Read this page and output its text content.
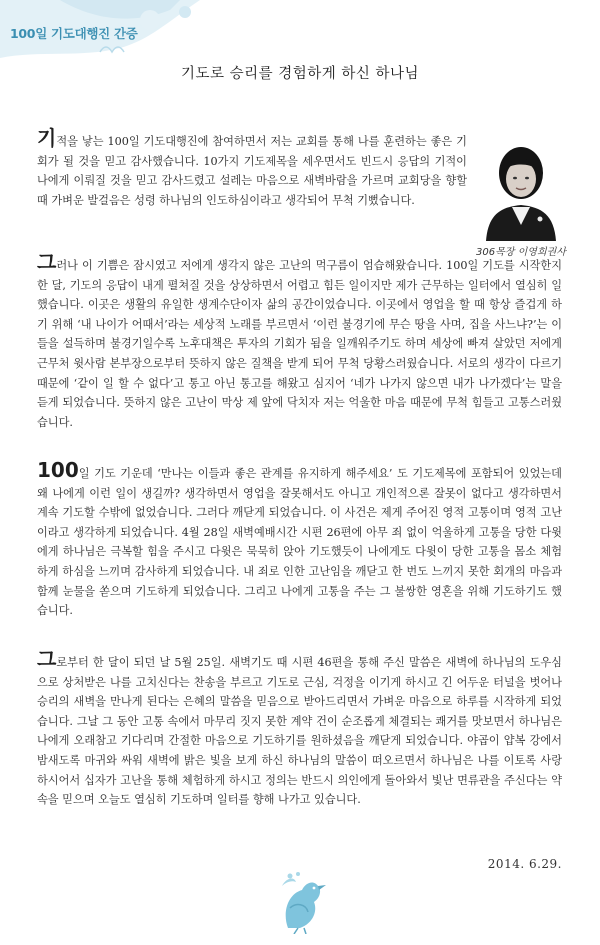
100일 기도대행진 간증
기도로 승리를 경험하게 하신 하나님

기적을 낳는 100일 기도대행진에 참여하면서 저는 교회를 통해 나를 훈련하는 좋은 기회가 될 것을 믿고 감사했습니다. 10가지 기도제목을 세우면서도 빈드시 응답의 기적이 나에게 이뤄질 것을 믿고 감사드렸고 설레는 마음으로 새벽바람을 가르며 교회당을 향할 때 가벼운 발걸음은 성령 하나님의 인도하심이라고 생각되어 무척 기뻤습니다.

306목장 이영희권사

그러나 이 기쁨은 잠시였고 저에게 생각지 않은 고난의 먹구름이 엄습해왔습니다. 100일 기도를 시작한지 한 달, 기도의 응답이 내게 펼쳐질 것을 상상하면서 어렵고 힘든 일이지만 제가 근무하는 일터에서 열심히 일했습니다. 이곳은 생활의 유일한 생계수단이자 삶의 공간이었습니다. 이곳에서 영업을 할 때 항상 즐겁게 하기 위해 ‘내 나이가 어때서’라는 세상적 노래를 부르면서 ‘이런 불경기에 무슨 땅을 사며, 집을 사느냐?’는 이들을 설득하며 불경기일수록 노후대책은 투자의 기회가 됨을 일깨워주기도 하며 세상에 빠져 살았던 저에게 근무처 윗사람 본부장으로부터 뜻하지 않은 질책을 받게 되어 무척 당황스러웠습니다. 서로의 생각이 다르기 때문에 ‘같이 일 할 수 없다’고 통고 아닌 통고를 해왔고 심지어 ‘네가 나가지 않으면 내가 나가겠다’는 말을 듣게 되었습니다. 뜻하지 않은 고난이 막상 제 앞에 닥치자 저는 억울한 마음 때문에 무척 힘들고 고통스러웠습니다.

100일 기도 기운데 ‘만나는 이들과 좋은 관계를 유지하게 해주세요’ 도 기도제목에 포함되어 있었는데 왜 나에게 이런 일이 생길까? 생각하면서 영업을 잘못해서도 아니고 개인적으론 잘못이 없다고 생각하면서 계속 기도할 수밖에 없었습니다. 그러다 깨닫게 되었습니다. 이 사건은 제게 주어진 영적 고통이며 영적 고난이라고 생각하게 되었습니다. 4월 28일 새벽예배시간 시편 26편에 아무 죄 없이 억울하게 고통을 당한 다윗에게 하나님은 극복할 힘을 주시고 다윗은 묵묵히 앉아 기도했듯이 나에게도 다윗이 당한 고통을 몸소 체험하게 하심을 느끼며 감사하게 되었습니다. 내 죄로 인한 고난임을 깨닫고 한 번도 느끼지 못한 회개의 마음과 함께 눈물을 쏟으며 기도하게 되었습니다. 그리고 나에게 고통을 주는 그 불쌍한 영혼을 위해 기도하기도 했습니다.

그로부터 한 달이 되던 날 5월 25일. 새벽기도 때 시편 46편을 통해 주신 말씀은 새벽에 하나님의 도우심으로 상처받은 나를 고치신다는 찬송을 부르고 기도로 근심, 걱정을 이기게 하시고 긴 어두운 터널을 벗어나 승리의 새벽을 만나게 된다는 은혜의 말씀을 믿음으로 받아드리면서 가벼운 마음으로 하루를 시작하게 되었습니다. 그날 그 동안 고통 속에서 마무리 짓지 못한 계약 건이 순조롭게 체결되는 쾌거를 맛보면서 하나님은 나에게 오래참고 기다리며 간절한 마음으로 기도하기를 원하셨음을 깨닫게 되었습니다. 야곱이 얍복 강에서 밤새도록 마귀와 싸워 새벽에 밝은 빛을 보게 하신 하나님의 말씀이 떠오르면서 하나님은 나를 이토록 사랑하시어서 십자가 고난을 통해 체험하게 하시고 정의는 반드시 의인에게 돌아와서 빛난 면류관을 주신다는 약속을 믿으며 오늘도 열심히 기도하며 일터를 향해 나가고 있습니다.

2014. 6.29.
